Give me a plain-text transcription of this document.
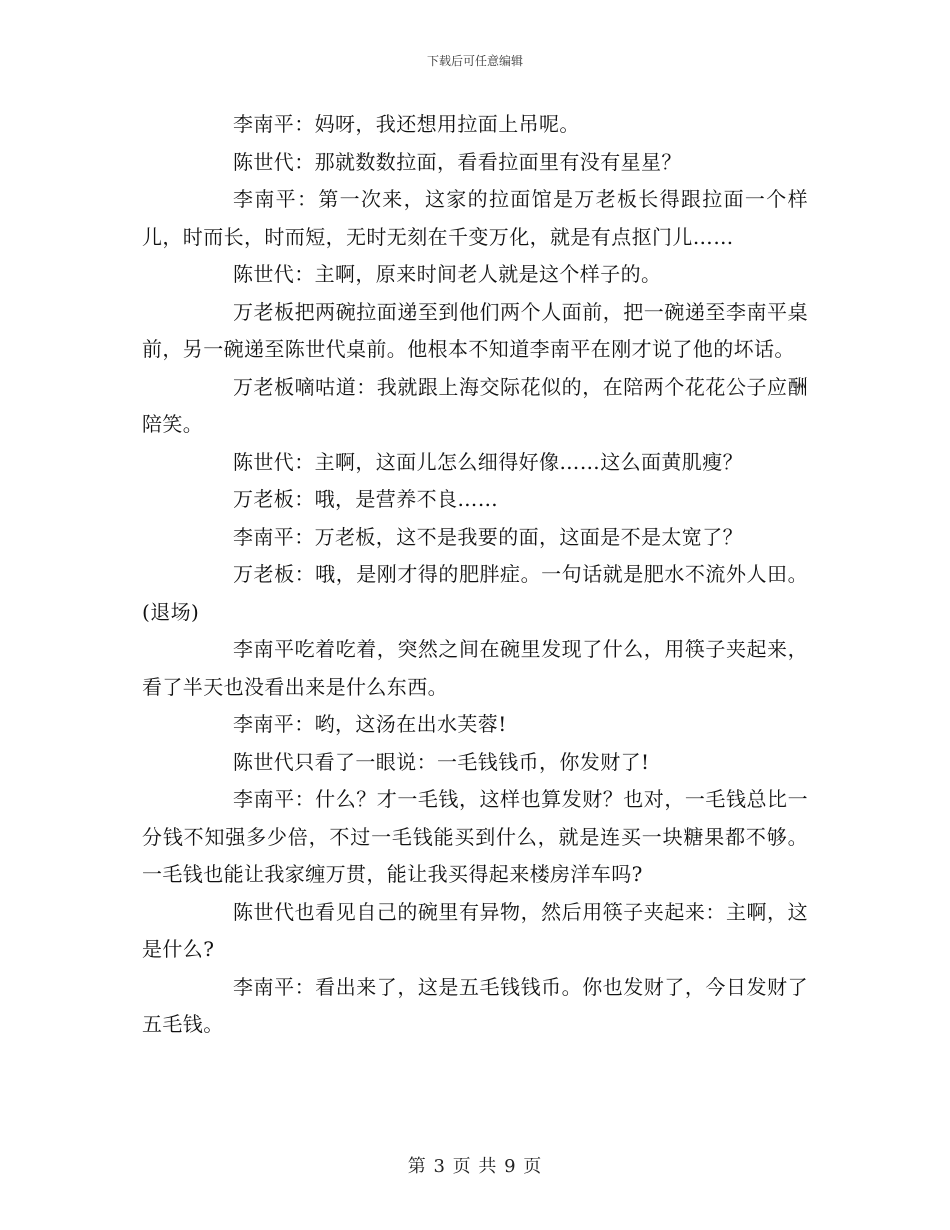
下载后可任意编辑

李南平：妈呀，我还想用拉面上吊呢。

陈世代：那就数数拉面，看看拉面里有没有星星？

李南平：第一次来，这家的拉面馆是万老板长得跟拉面一个样儿，时而长，时而短，无时无刻在千变万化，就是有点抠门儿……

陈世代：主啊，原来时间老人就是这个样子的。

万老板把两碗拉面递至到他们两个人面前，把一碗递至李南平桌前，另一碗递至陈世代桌前。他根本不知道李南平在刚才说了他的坏话。

万老板嘀咕道：我就跟上海交际花似的，在陪两个花花公子应酬陪笑。

陈世代：主啊，这面儿怎么细得好像……这么面黄肌瘦？

万老板：哦，是营养不良……

李南平：万老板，这不是我要的面，这面是不是太宽了？

万老板：哦，是刚才得的肥胖症。一句话就是肥水不流外人田。(退场)

李南平吃着吃着，突然之间在碗里发现了什么，用筷子夹起来，看了半天也没看出来是什么东西。

李南平：哟，这汤在出水芙蓉!

陈世代只看了一眼说：一毛钱钱币，你发财了!

李南平：什么？才一毛钱，这样也算发财？也对，一毛钱总比一分钱不知强多少倍，不过一毛钱能买到什么，就是连买一块糖果都不够。一毛钱也能让我家缠万贯，能让我买得起来楼房洋车吗?

陈世代也看见自己的碗里有异物，然后用筷子夹起来：主啊，这是什么?

李南平：看出来了，这是五毛钱钱币。你也发财了，今日发财了五毛钱。

第 3 页 共 9 页
